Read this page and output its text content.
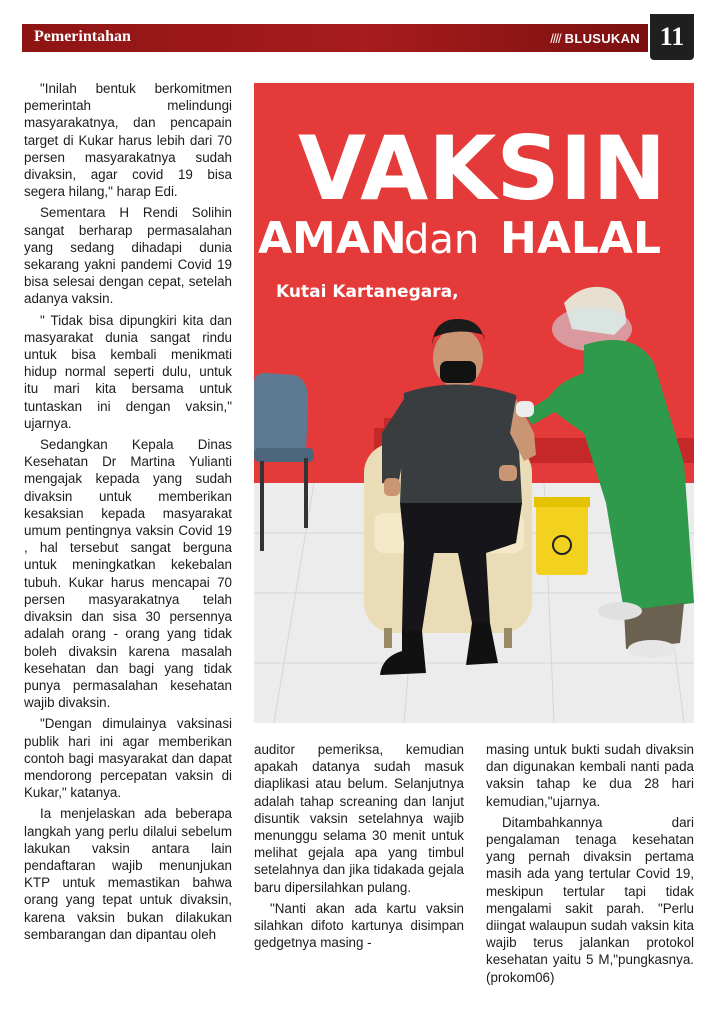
Pemerintahan	//// BLUSUKAN 11

"Inilah bentuk berkomitmen pemerintah melindungi masyarakatnya, dan pencapain target di Kukar harus lebih dari 70 persen masyarakatnya sudah divaksin, agar covid 19 bisa segera hilang," harap Edi.

Sementara H Rendi Solihin sangat berharap permasalahan yang sedang dihadapi dunia sekarang yakni pandemi Covid 19 bisa selesai dengan cepat, setelah adanya vaksin.

" Tidak bisa dipungkiri kita dan masyarakat dunia sangat rindu untuk bisa kembali menikmati hidup normal seperti dulu, untuk itu mari kita bersama untuk tuntaskan ini dengan vaksin," ujarnya.

Sedangkan Kepala Dinas Kesehatan Dr Martina Yulianti mengajak kepada yang sudah divaksin untuk memberikan kesaksian kepada masyarakat umum pentingnya vaksin Covid 19 , hal tersebut sangat berguna untuk meningkatkan kekebalan tubuh. Kukar harus mencapai 70 persen masyarakatnya telah divaksin dan sisa 30 persennya adalah orang - orang yang tidak boleh divaksin karena masalah kesehatan dan bagi yang tidak punya permasalahan kesehatan wajib divaksin.

"Dengan dimulainya vaksinasi publik hari ini agar memberikan contoh bagi masyarakat dan dapat mendorong percepatan vaksin di Kukar," katanya.

Ia menjelaskan ada beberapa langkah yang perlu dilalui sebelum lakukan vaksin antara lain pendaftaran wajib menunjukan KTP untuk memastikan bahwa orang yang tepat untuk divaksin, karena vaksin bukan dilakukan sembarangan dan dipantau oleh

VAKSIN
AMAN
dan HALAL
Kutai Kartanegara,

auditor pemeriksa, kemudian apakah datanya sudah masuk diaplikasi atau belum. Selanjutnya adalah tahap screaning dan lanjut disuntik vaksin setelahnya wajib menunggu selama 30 menit untuk melihat gejala apa yang timbul setelahnya dan jika tidakada gejala baru dipersilahkan pulang.

"Nanti akan ada kartu vaksin silahkan difoto kartunya disimpan gedgetnya masing -

masing untuk bukti sudah divaksin dan digunakan kembali nanti pada vaksin tahap ke dua 28 hari kemudian,"ujarnya.

Ditambahkannya dari pengalaman tenaga kesehatan yang pernah divaksin pertama masih ada yang tertular Covid 19, meskipun tertular tapi tidak mengalami sakit parah. "Perlu diingat walaupun sudah vaksin kita wajib terus jalankan protokol kesehatan yaitu 5 M,"pungkasnya. (prokom06)
